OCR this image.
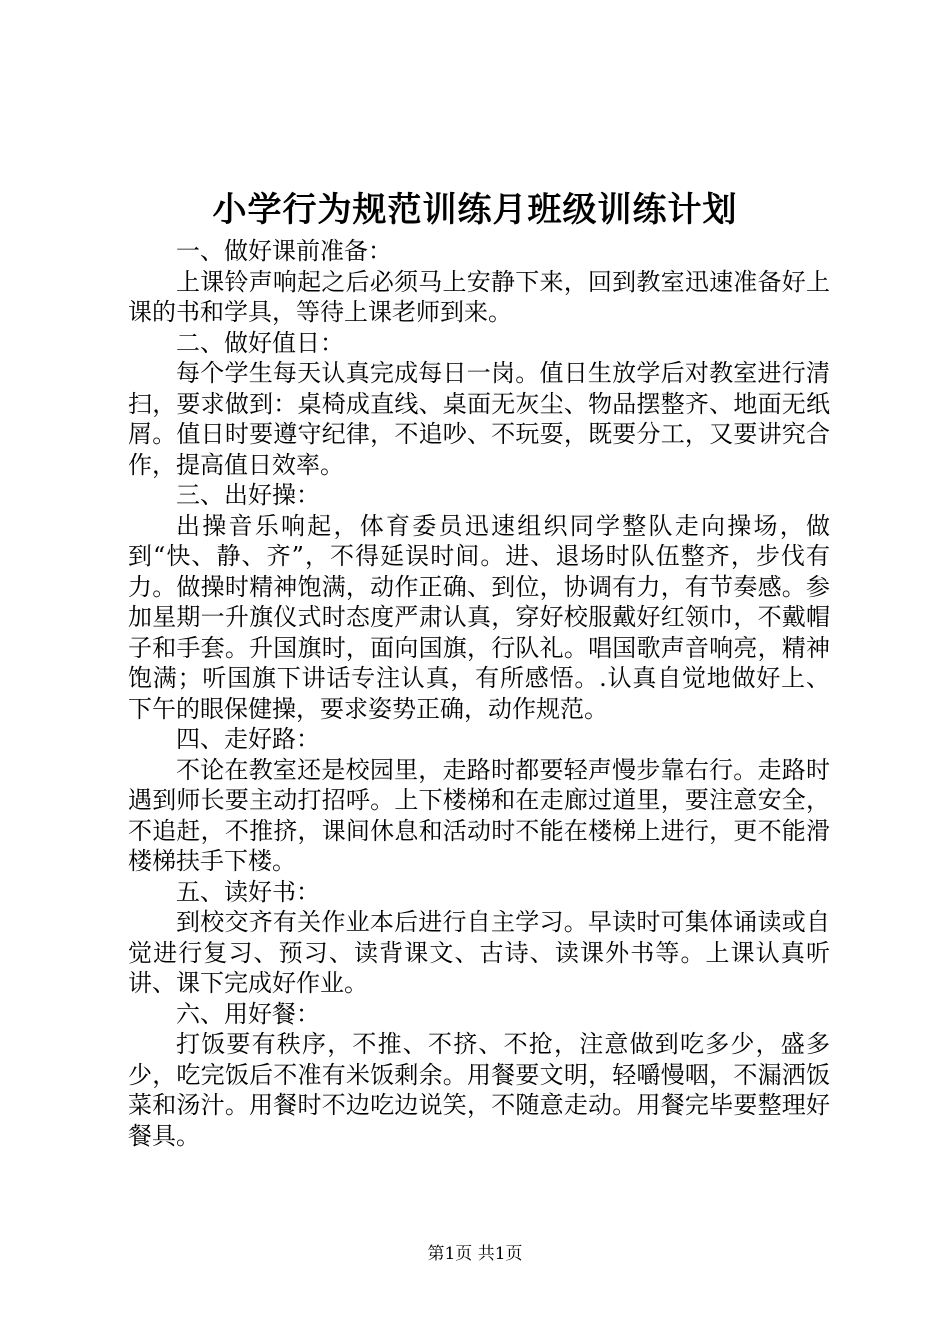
小学行为规范训练月班级训练计划

一、做好课前准备：

上课铃声响起之后必须马上安静下来，回到教室迅速准备好上课的书和学具，等待上课老师到来。

二、做好值日：

每个学生每天认真完成每日一岗。值日生放学后对教室进行清扫，要求做到：桌椅成直线、桌面无灰尘、物品摆整齐、地面无纸屑。值日时要遵守纪律，不追吵、不玩耍，既要分工，又要讲究合作，提高值日效率。

三、出好操：

出操音乐响起，体育委员迅速组织同学整队走向操场，做到“快、静、齐”，不得延误时间。进、退场时队伍整齐，步伐有力。做操时精神饱满，动作正确、到位，协调有力，有节奏感。参加星期一升旗仪式时态度严肃认真，穿好校服戴好红领巾，不戴帽子和手套。升国旗时，面向国旗，行队礼。唱国歌声音响亮，精神饱满；听国旗下讲话专注认真，有所感悟。.认真自觉地做好上、下午的眼保健操，要求姿势正确，动作规范。

四、走好路：

不论在教室还是校园里，走路时都要轻声慢步靠右行。走路时遇到师长要主动打招呼。上下楼梯和在走廊过道里，要注意安全，不追赶，不推挤，课间休息和活动时不能在楼梯上进行，更不能滑楼梯扶手下楼。

五、读好书：

到校交齐有关作业本后进行自主学习。早读时可集体诵读或自觉进行复习、预习、读背课文、古诗、读课外书等。上课认真听讲、课下完成好作业。

六、用好餐：

打饭要有秩序，不推、不挤、不抢，注意做到吃多少，盛多少，吃完饭后不准有米饭剩余。用餐要文明，轻嚼慢咽，不漏洒饭菜和汤汁。用餐时不边吃边说笑，不随意走动。用餐完毕要整理好餐具。

第1页 共1页
